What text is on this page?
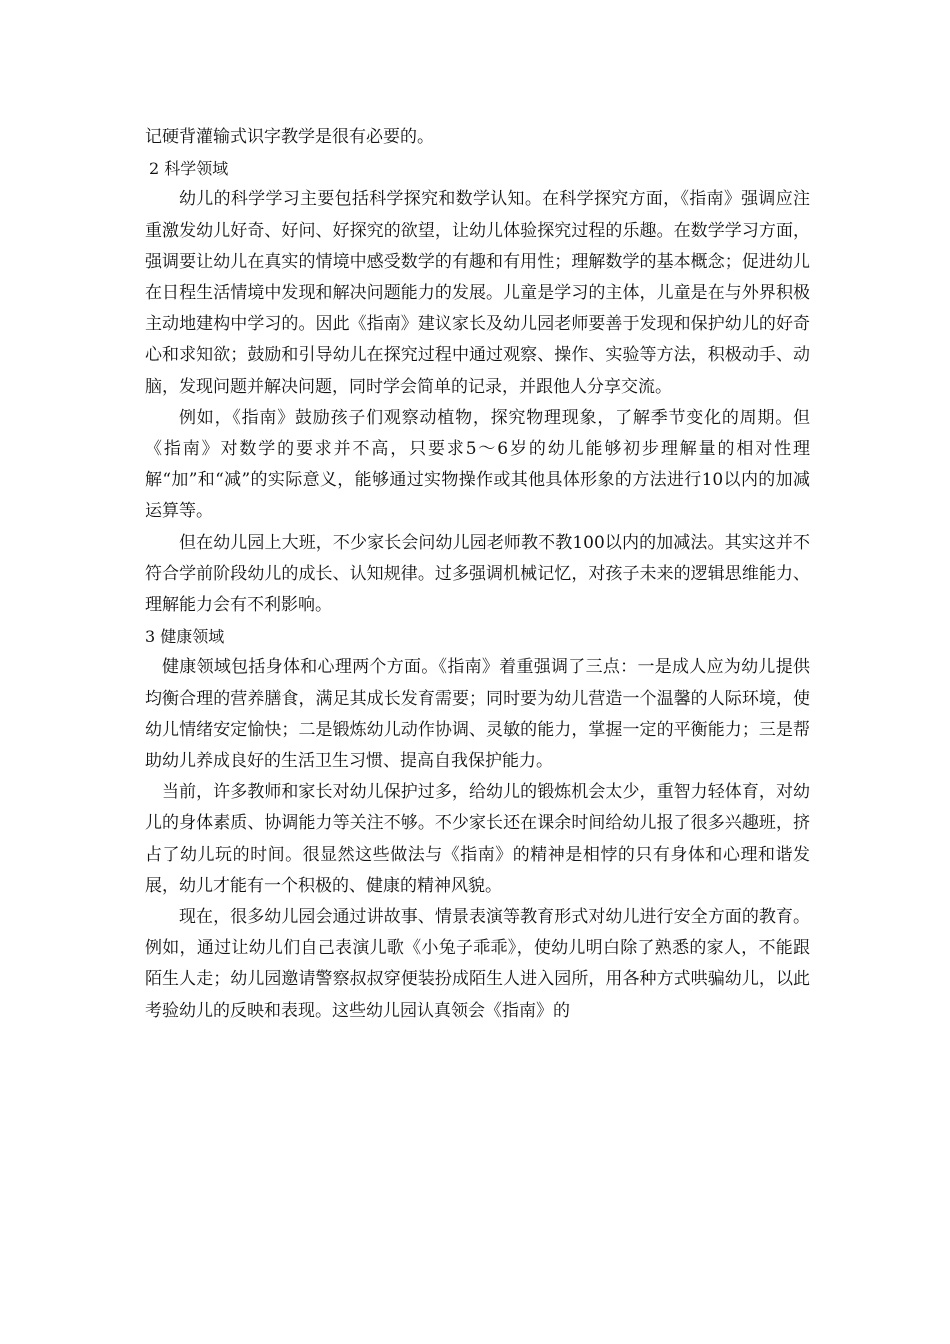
记硬背灌输式识字教学是很有必要的。

2 科学领域

幼儿的科学学习主要包括科学探究和数学认知。在科学探究方面，《指南》强调应注重激发幼儿好奇、好问、好探究的欲望，让幼儿体验探究过程的乐趣。在数学学习方面，强调要让幼儿在真实的情境中感受数学的有趣和有用性；理解数学的基本概念；促进幼儿在日程生活情境中发现和解决问题能力的发展。儿童是学习的主体，儿童是在与外界积极主动地建构中学习的。因此《指南》建议家长及幼儿园老师要善于发现和保护幼儿的好奇心和求知欲；鼓励和引导幼儿在探究过程中通过观察、操作、实验等方法，积极动手、动脑，发现问题并解决问题，同时学会简单的记录，并跟他人分享交流。

例如，《指南》鼓励孩子们观察动植物，探究物理现象，了解季节变化的周期。但《指南》对数学的要求并不高，只要求5～6岁的幼儿能够初步理解量的相对性理解“加”和“减”的实际意义，能够通过实物操作或其他具体形象的方法进行10以内的加减运算等。

但在幼儿园上大班，不少家长会问幼儿园老师教不教100以内的加减法。其实这并不符合学前阶段幼儿的成长、认知规律。过多强调机械记忆，对孩子未来的逻辑思维能力、理解能力会有不利影响。

3 健康领域

健康领域包括身体和心理两个方面。《指南》着重强调了三点：一是成人应为幼儿提供均衡合理的营养膳食，满足其成长发育需要；同时要为幼儿营造一个温馨的人际环境，使幼儿情绪安定愉快；二是锻炼幼儿动作协调、灵敏的能力，掌握一定的平衡能力；三是帮助幼儿养成良好的生活卫生习惯、提高自我保护能力。

当前，许多教师和家长对幼儿保护过多，给幼儿的锻炼机会太少，重智力轻体育，对幼儿的身体素质、协调能力等关注不够。不少家长还在课余时间给幼儿报了很多兴趣班，挤占了幼儿玩的时间。很显然这些做法与《指南》的精神是相悖的只有身体和心理和谐发展，幼儿才能有一个积极的、健康的精神风貌。

现在，很多幼儿园会通过讲故事、情景表演等教育形式对幼儿进行安全方面的教育。例如，通过让幼儿们自己表演儿歌《小兔子乖乖》，使幼儿明白除了熟悉的家人，不能跟陌生人走；幼儿园邀请警察叔叔穿便装扮成陌生人进入园所，用各种方式哄骗幼儿，以此考验幼儿的反映和表现。这些幼儿园认真领会《指南》的
